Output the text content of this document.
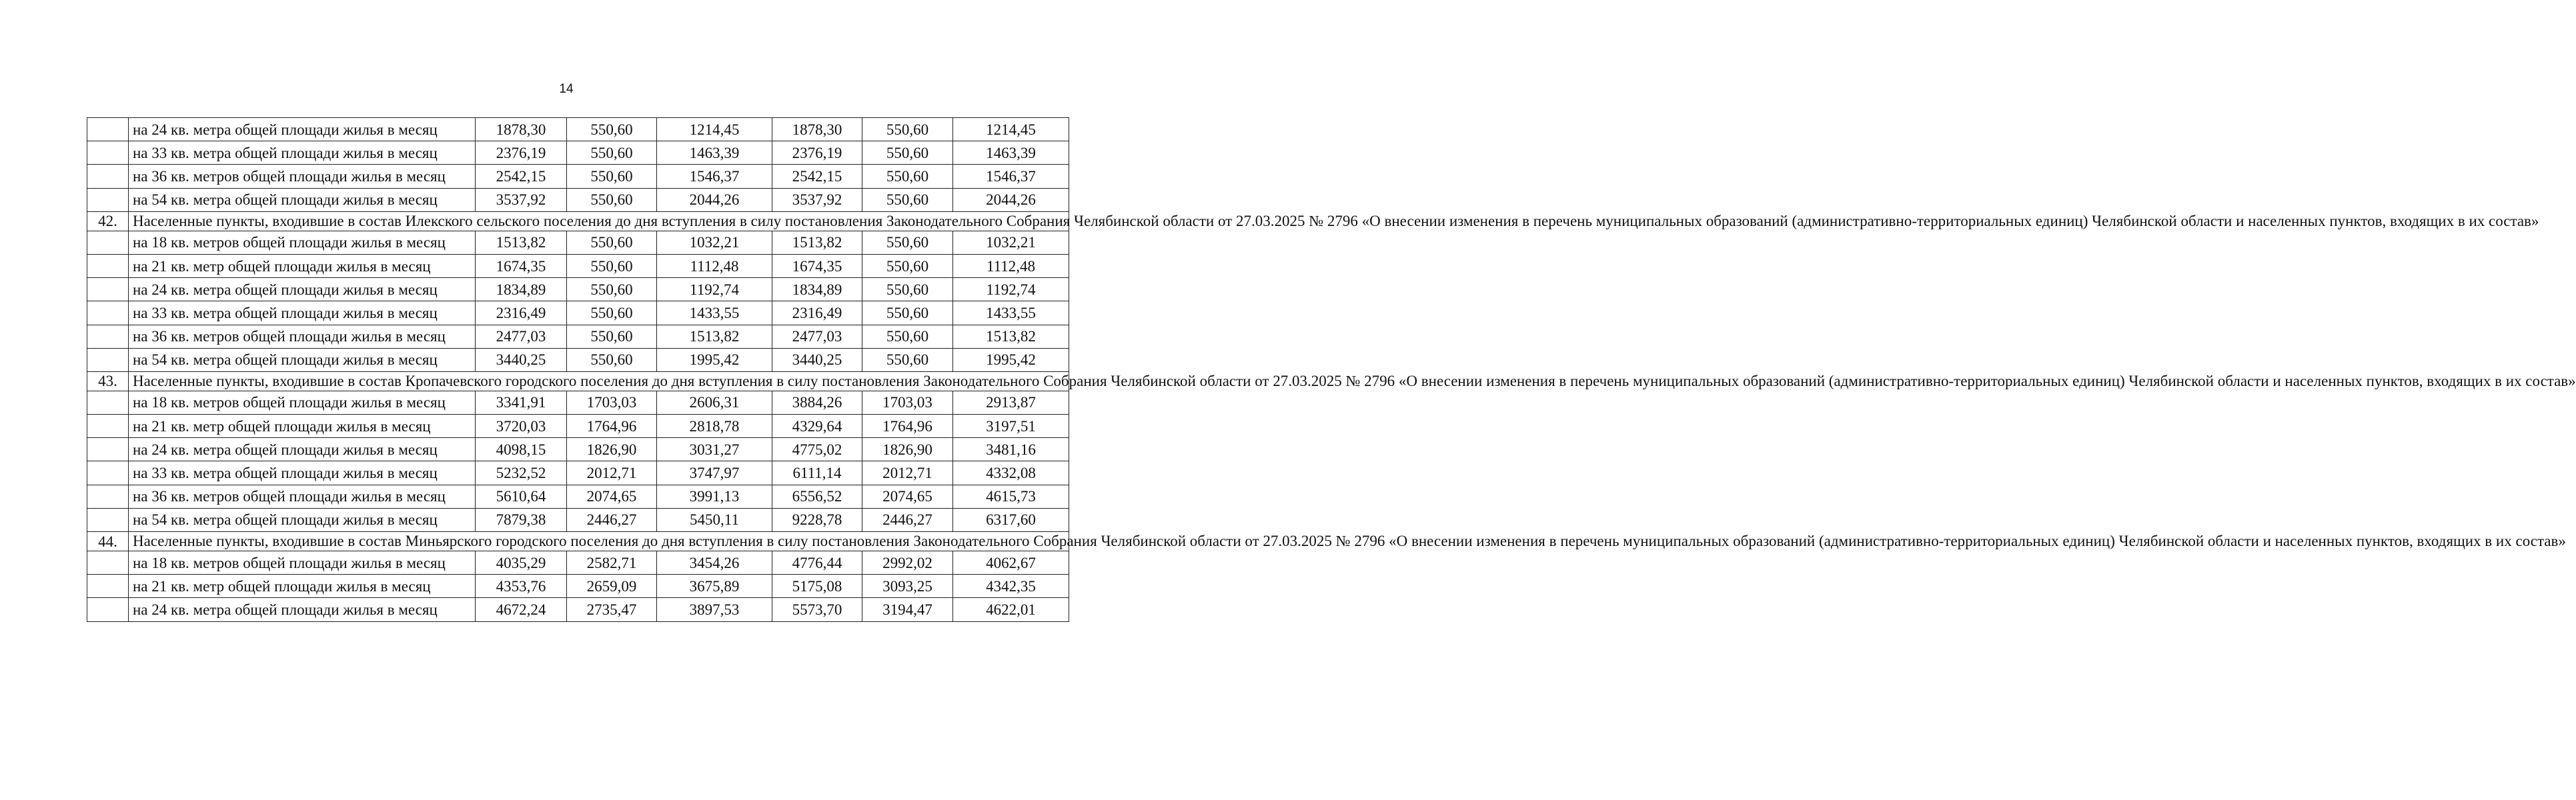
14
	на 24 кв. метра общей площади жилья в месяц	1878,30	550,60	1214,45	1878,30	550,60	1214,45
	на 33 кв. метра общей площади жилья в месяц	2376,19	550,60	1463,39	2376,19	550,60	1463,39
	на 36 кв. метров общей площади жилья в месяц	2542,15	550,60	1546,37	2542,15	550,60	1546,37
	на 54 кв. метра общей площади жилья в месяц	3537,92	550,60	2044,26	3537,92	550,60	2044,26
42.	Населенные пункты, входившие в состав Илекского сельского поселения до дня вступления в силу постановления Законодательного Собрания Челябинской области от 27.03.2025 № 2796 «О внесении изменения в перечень муниципальных образований (административно-территориальных единиц) Челябинской области и населенных пунктов, входящих в их состав»						
	на 18 кв. метров общей площади жилья в месяц	1513,82	550,60	1032,21	1513,82	550,60	1032,21
	на 21 кв. метр общей площади жилья в месяц	1674,35	550,60	1112,48	1674,35	550,60	1112,48
	на 24 кв. метра общей площади жилья в месяц	1834,89	550,60	1192,74	1834,89	550,60	1192,74
	на 33 кв. метра общей площади жилья в месяц	2316,49	550,60	1433,55	2316,49	550,60	1433,55
	на 36 кв. метров общей площади жилья в месяц	2477,03	550,60	1513,82	2477,03	550,60	1513,82
	на 54 кв. метра общей площади жилья в месяц	3440,25	550,60	1995,42	3440,25	550,60	1995,42
43.	Населенные пункты, входившие в состав Кропачевского городского поселения до дня вступления в силу постановления Законодательного Собрания Челябинской области от 27.03.2025 № 2796 «О внесении изменения в перечень муниципальных образований (административно-территориальных единиц) Челябинской области и населенных пунктов, входящих в их состав»						
	на 18 кв. метров общей площади жилья в месяц	3341,91	1703,03	2606,31	3884,26	1703,03	2913,87
	на 21 кв. метр общей площади жилья в месяц	3720,03	1764,96	2818,78	4329,64	1764,96	3197,51
	на 24 кв. метра общей площади жилья в месяц	4098,15	1826,90	3031,27	4775,02	1826,90	3481,16
	на 33 кв. метра общей площади жилья в месяц	5232,52	2012,71	3747,97	6111,14	2012,71	4332,08
	на 36 кв. метров общей площади жилья в месяц	5610,64	2074,65	3991,13	6556,52	2074,65	4615,73
	на 54 кв. метра общей площади жилья в месяц	7879,38	2446,27	5450,11	9228,78	2446,27	6317,60
44.	Населенные пункты, входившие в состав Миньярского городского поселения до дня вступления в силу постановления Законодательного Собрания Челябинской области от 27.03.2025 № 2796 «О внесении изменения в перечень муниципальных образований (административно-территориальных единиц) Челябинской области и населенных пунктов, входящих в их состав»						
	на 18 кв. метров общей площади жилья в месяц	4035,29	2582,71	3454,26	4776,44	2992,02	4062,67
	на 21 кв. метр общей площади жилья в месяц	4353,76	2659,09	3675,89	5175,08	3093,25	4342,35
	на 24 кв. метра общей площади жилья в месяц	4672,24	2735,47	3897,53	5573,70	3194,47	4622,01
